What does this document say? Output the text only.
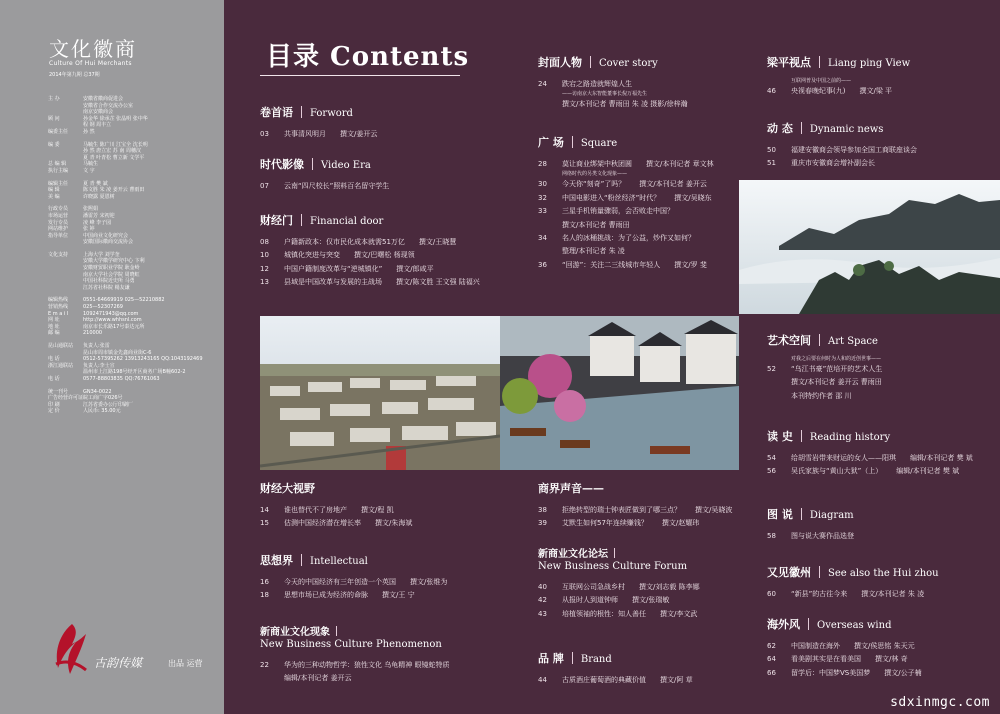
文化徽商
Culture Of Hui Merchants
2014年第九期 总37期
主 办	安徽省徽商促进会
安徽省合作交流办公室
南京安徽商会
顾 问	孙金华 徐承芷 张晶明 张中华
程 钢 周丰立
编委主任	孙 然
编 委	马毓生 陈广川 江宝全 沈长明
孙 然 唐立宏 苏 南 周穗汉
夏 青 叶青松 曹立新 文学平
总 编 辑	马毓生
执行主编	文 宇
编辑主任	夏 青 樊 斌
编 辑	陈文胜 朱 凌 姜开云 曹雨田
美 编	许晓露 夏恩树
行政专员	张熙娟
市场运营	潘雷芳 宋初迎
发行专员	凌 峰 李子园
网站维护	张 婷
指导单位	中国商业文化研究会
安徽国际徽商交流协会
文化支持	上海大学 刘学奎
安徽大学徽学研究中心 卞利
安徽财贸职业学院 耿金岭
南京大学社会学院 周晓虹
中国社科院近史所 马勇
江苏省社科院 楊友谦
编辑热线	0551-64669919 025—52210882
营销热线	025—52307269
E m a i l	1092471943@qq.com
网 址	http://www.whhsnl.com
地 址	南京市长乐路17号泰达元所
邮 编	210000
昆山通联站	负责人:张雷
昆山市周市镇金先鑫商业街C-6
电 话	0512-57395262 13913243165 QQ:1043192469
浙江通联站	负责人:李士宣
温州市上江路198号经开区商务广场B幢602-2
电 话	0577-88803835 QQ:76761063
统一刊号	GN34-0022
广告经营许可证 皖工商广字026号
印 刷	江苏省委办公厅印刷厂
定 价	人民币: 35.00元
古韵传媒	出品 运营
目录 Contents
卷首语 Forword
03	共事清风明月 撰文/姜开云
时代影像 Video Era
07	云南“四尺校长”照料百名留守学生
财经门 Financial door
08	户籍新政本：仅市民化成本就需51万亿 撰文/王晓慧
10	城镇化突进与突变 撰文/巴曙松 杨现领
12	中国户籍制度改革与“逆城镇化” 撰文/郎咸平
13	县域是中国改革与发展的主战场 撰文/陈文胜 王文强 陆福兴
财经大视野
14	谁也替代不了房地产 撰文/程 凯
15	估测中国经济潜在增长率 撰文/朱海斌
思想界 Intellectual
16	今天的中国经济有三年创造一个英国 撰文/张维为
18	思想市场已成为经济的命脉 撰文/王 宁
新商业文化现象
New Business Culture Phenomenon
22	华为的三种动物哲学：狼性文化 乌龟精神 眼镜蛇特质
编辑/本刊记者 姜开云
封面人物 Cover story
24	跌宕之路造就辉煌人生
——访南京大东智能董事长倪万福先生
撰文/本刊记者 曹雨田 朱 凌 摄影/徐梓瀚
广 场 Square
28	莫让商业绑架中秋团圆 撰文/本刊记者 章文林
网络时代的另类文化现象——
30	今天你“刻奇”了吗？ 撰文/本刊记者 姜开云
32	中国电影进入“粉丝经济”时代？ 撰文/吴晓东
33	三星手机销量骤弱，会否败走中国？
撰文/本刊记者 曹雨田
34	名人的冰桶挑战：为了公益，炒作又如何？
整理/本刊记者 朱 凌
36	“回游”：关注二三线城市年轻人 撰文/罗 斐
商界声音——
38	拒绝转型的瑞士钟表匠做到了哪三点？ 撰文/吴晓波
39	艾默生如何57年连续赚钱？ 撰文/赵耀玮
新商业文化论坛
New Business Culture Forum
40	互联网公司急战乡村 撰文/刘志毅 陈李娜
42	从报时人到道钟师 撰文/张瑞敏
43	培植领袖的根性：知人善任 撰文/李文武
品 牌 Brand
44	古质酒庄葡萄酒的典藏价值 撰文/阿 草
梁平视点 Liang ping View
互联网普及中国之前的——
46	央视春晚纪事(九) 撰文/梁 平
动 态 Dynamic news
50	福建安徽商会领导参加全国工商联座谈会
51	重庆市安徽商会增补副会长
艺术空间 Art Space
对我之后要在何时为人和的近创世事——
52	“乌江书豪”范培开的艺术人生
撰文/本刊记者 姜开云 曹雨田
本刊特约作者 邵 川
读 史 Reading history
54	给胡雪岩带来财运的女人——阳琪 编辑/本刊记者 樊 斌
56	吴氏家族与“黄山大狱”（上） 编辑/本刊记者 樊 斌
图 说 Diagram
58	图与说大赛作品选登
又见徽州 See also the Hui zhou
60	“新县”的古往今来 撰文/本刊记者 朱 凌
海外风 Overseas wind
62	中国制造在海外 撰文/侯思铭 朱天元
64	看美剧其实是在看美国 撰文/林 奇
66	留学后：中国梦VS美国梦 撰文/公子楠
sdxinmgc.com
